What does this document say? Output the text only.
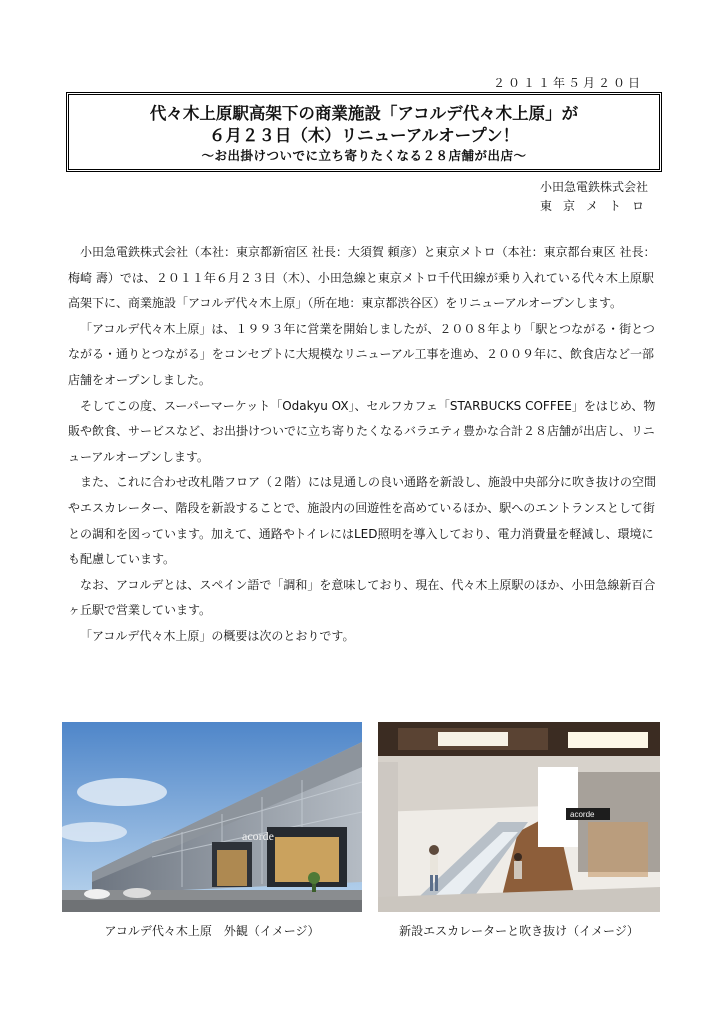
２０１１年５月２０日
代々木上原駅高架下の商業施設「アコルデ代々木上原」が
６月２３日（木）リニューアルオープン！
～お出掛けついでに立ち寄りたくなる２８店舗が出店～
小田急電鉄株式会社
東京メトロ

小田急電鉄株式会社（本社：東京都新宿区 社長：大須賀 頼彦）と東京メトロ（本社：東京都台東区 社長：梅崎 壽）では、２０１１年６月２３日（木）、小田急線と東京メトロ千代田線が乗り入れている代々木上原駅高架下に、商業施設「アコルデ代々木上原」（所在地：東京都渋谷区）をリニューアルオープンします。

「アコルデ代々木上原」は、１９９３年に営業を開始しましたが、２００８年より「駅とつながる・街とつながる・通りとつながる」をコンセプトに大規模なリニューアル工事を進め、２００９年に、飲食店など一部店舗をオープンしました。

そしてこの度、スーパーマーケット「Odakyu OX」、セルフカフェ「STARBUCKS COFFEE」をはじめ、物販や飲食、サービスなど、お出掛けついでに立ち寄りたくなるバラエティ豊かな合計２８店舗が出店し、リニューアルオープンします。

また、これに合わせ改札階フロア（２階）には見通しの良い通路を新設し、施設中央部分に吹き抜けの空間やエスカレーター、階段を新設することで、施設内の回遊性を高めているほか、駅へのエントランスとして街との調和を図っています。加えて、通路やトイレにはLED照明を導入しており、電力消費量を軽減し、環境にも配慮しています。

なお、アコルデとは、スペイン語で「調和」を意味しており、現在、代々木上原駅のほか、小田急線新百合ヶ丘駅で営業しています。

「アコルデ代々木上原」の概要は次のとおりです。

acorde
acorde
アコルデ代々木上原　外観（イメージ）	新設エスカレーターと吹き抜け（イメージ）
